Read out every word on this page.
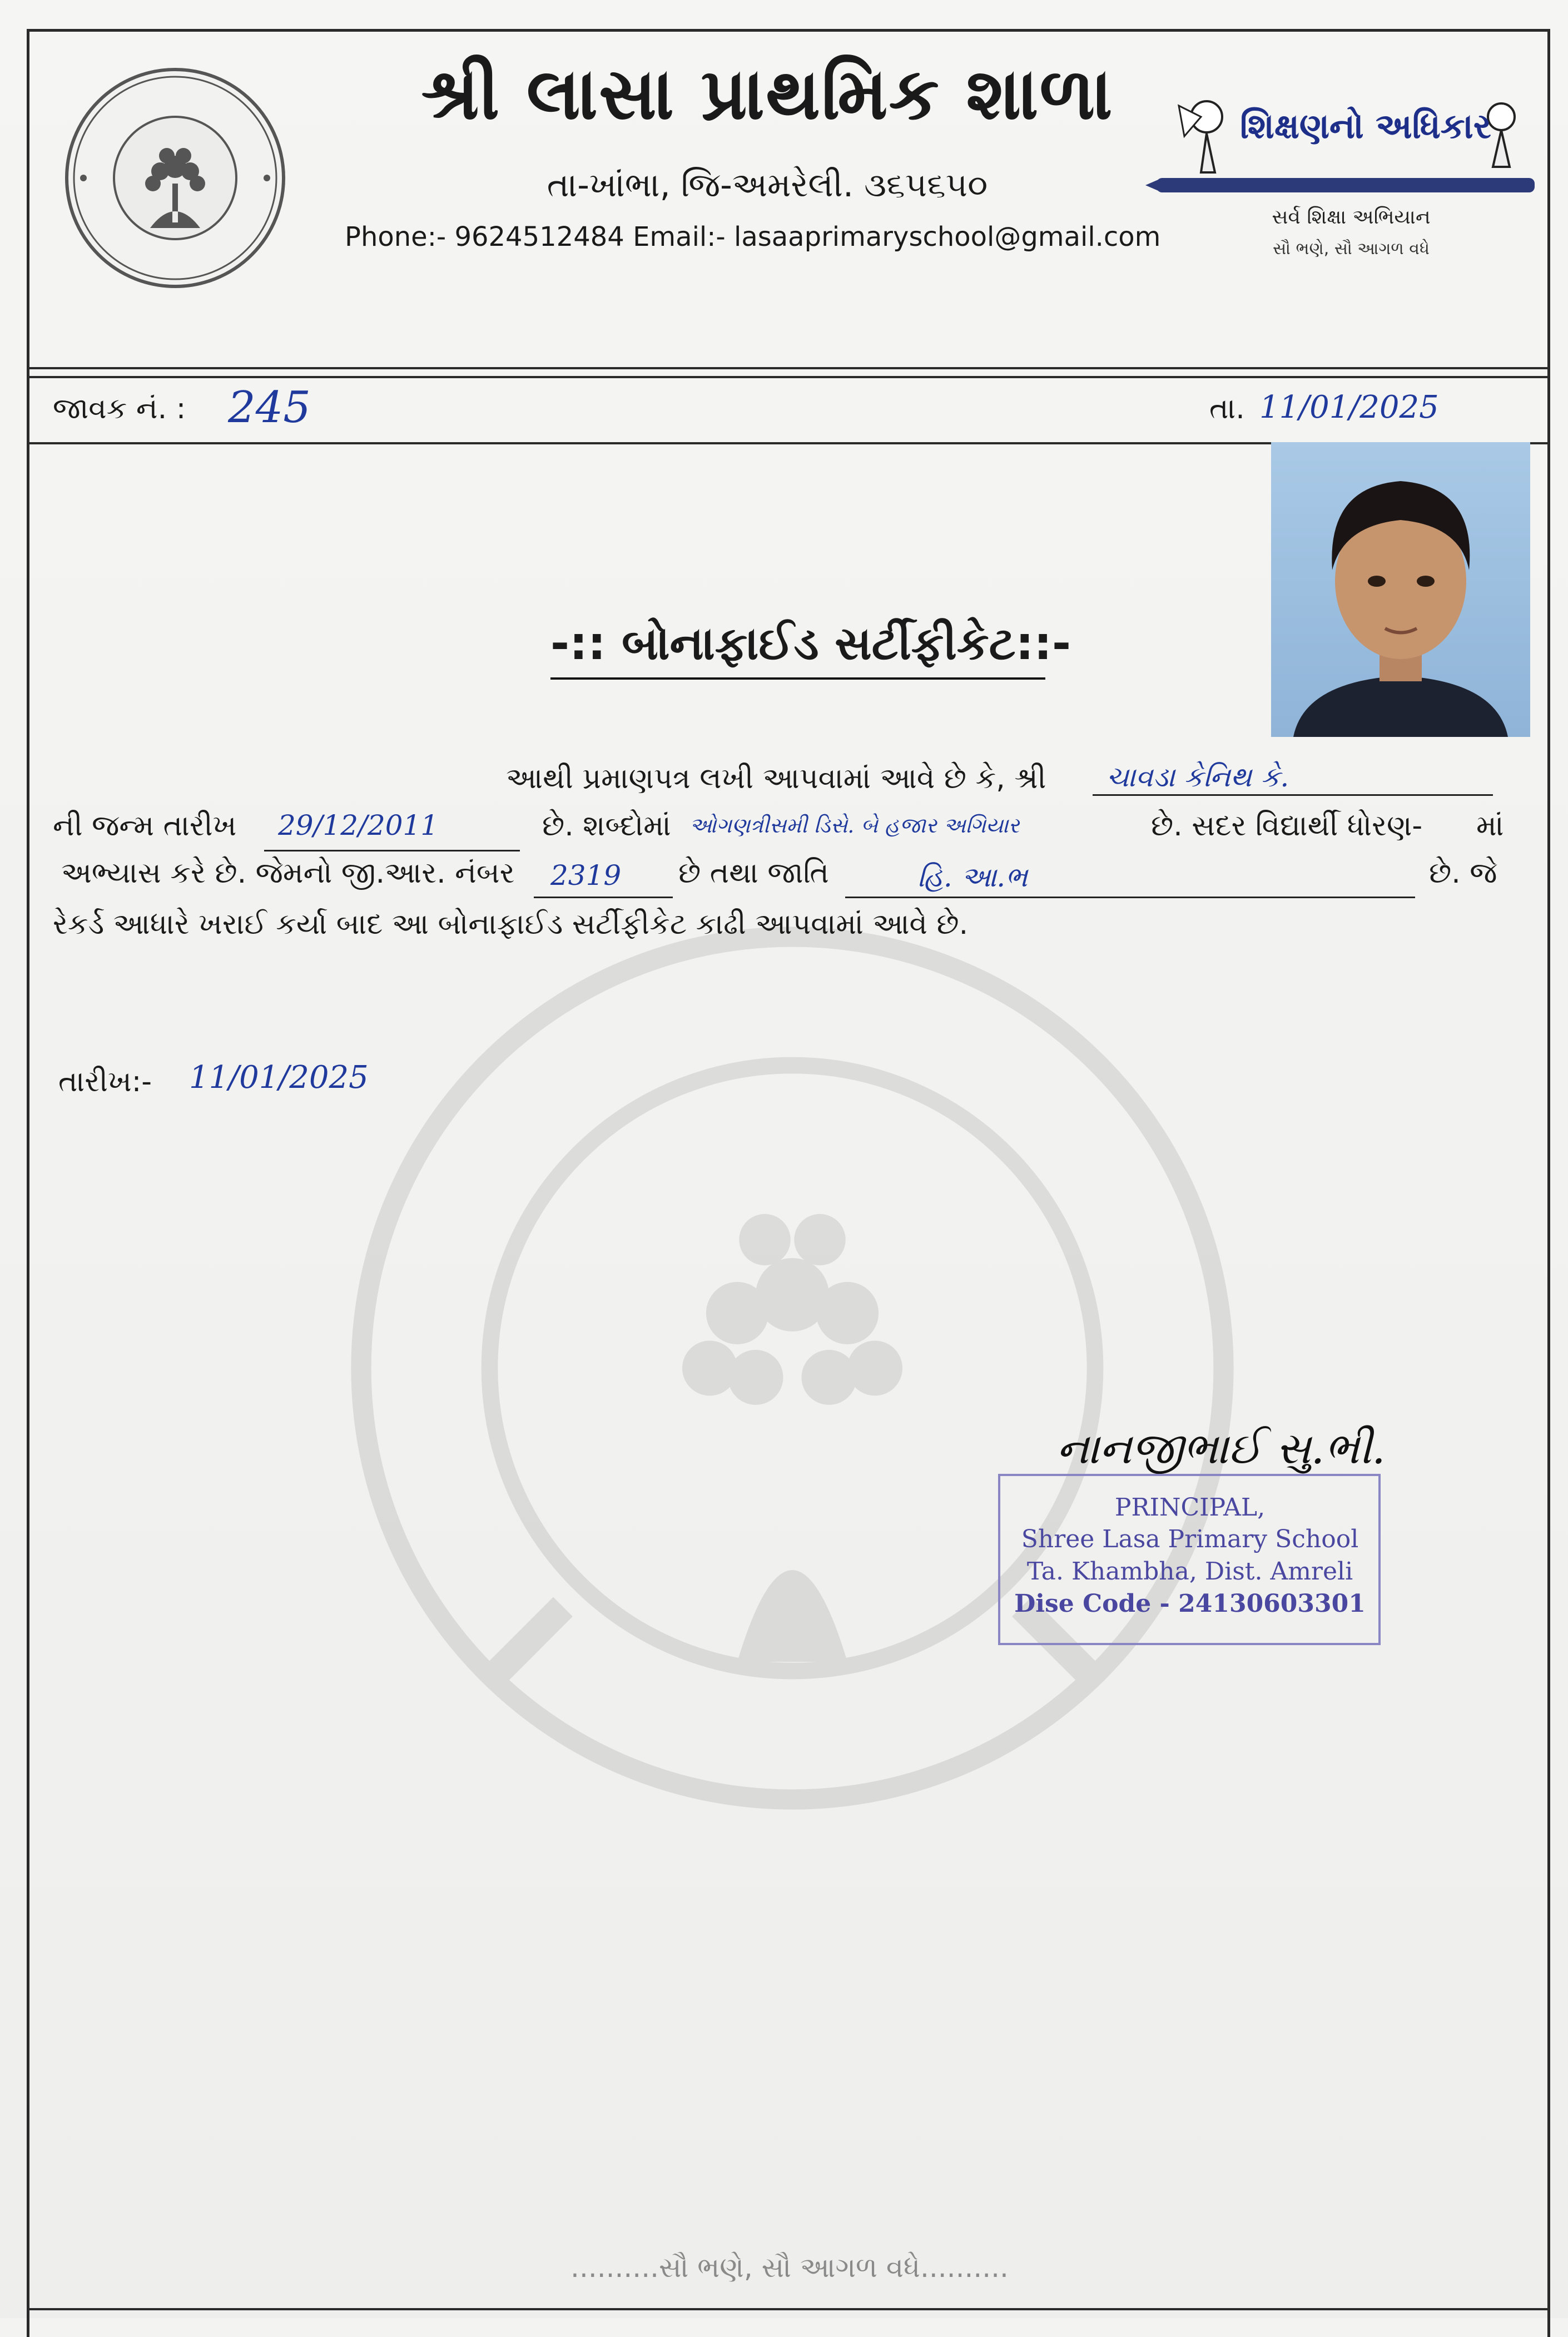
શિક્ષણનો અધિકાર
સર્વ શિક્ષા અભિયાન
સૌ ભણે, સૌ આગળ વધે
શ્રી લાસા પ્રાથમિક શાળા
તા-ખાંભા, જિ-અમરેલી. ૩૬૫૬૫૦
Phone:- 9624512484 Email:- lasaaprimaryschool@gmail.com
જાવક નં. : 245	તા. 11/01/2025
-:: બોનાફાઈડ સર્ટીફીકેટ::-
આથી પ્રમાણપત્ર લખી આપવામાં આવે છે કે, શ્રી ચાવડા કેનિથ કે.
ની જન્મ તારીખ 29/12/2011	છે. શબ્દોમાં ઓગણત્રીસમી ડિસે. બે હજાર અગિયાર	છે. સદર વિદ્યાર્થી ધોરણ- માં
અભ્યાસ કરે છે. જેમનો જી.આર. નંબર 2319 છે તથા જાતિ	હિ. આ.ભ	છે. જે
રેકર્ડ આધારે ખરાઈ કર્યા બાદ આ બોનાફાઈડ સર્ટીફીકેટ કાઢી આપવામાં આવે છે.
તારીખ:- 11/01/2025
નાનજીભાઈ સુ.ભી.
PRINCIPAL,
Shree Lasa Primary School
Ta. Khambha, Dist. Amreli
Dise Code - 24130603301
..........સૌ ભણે, સૌ આગળ વધે..........
